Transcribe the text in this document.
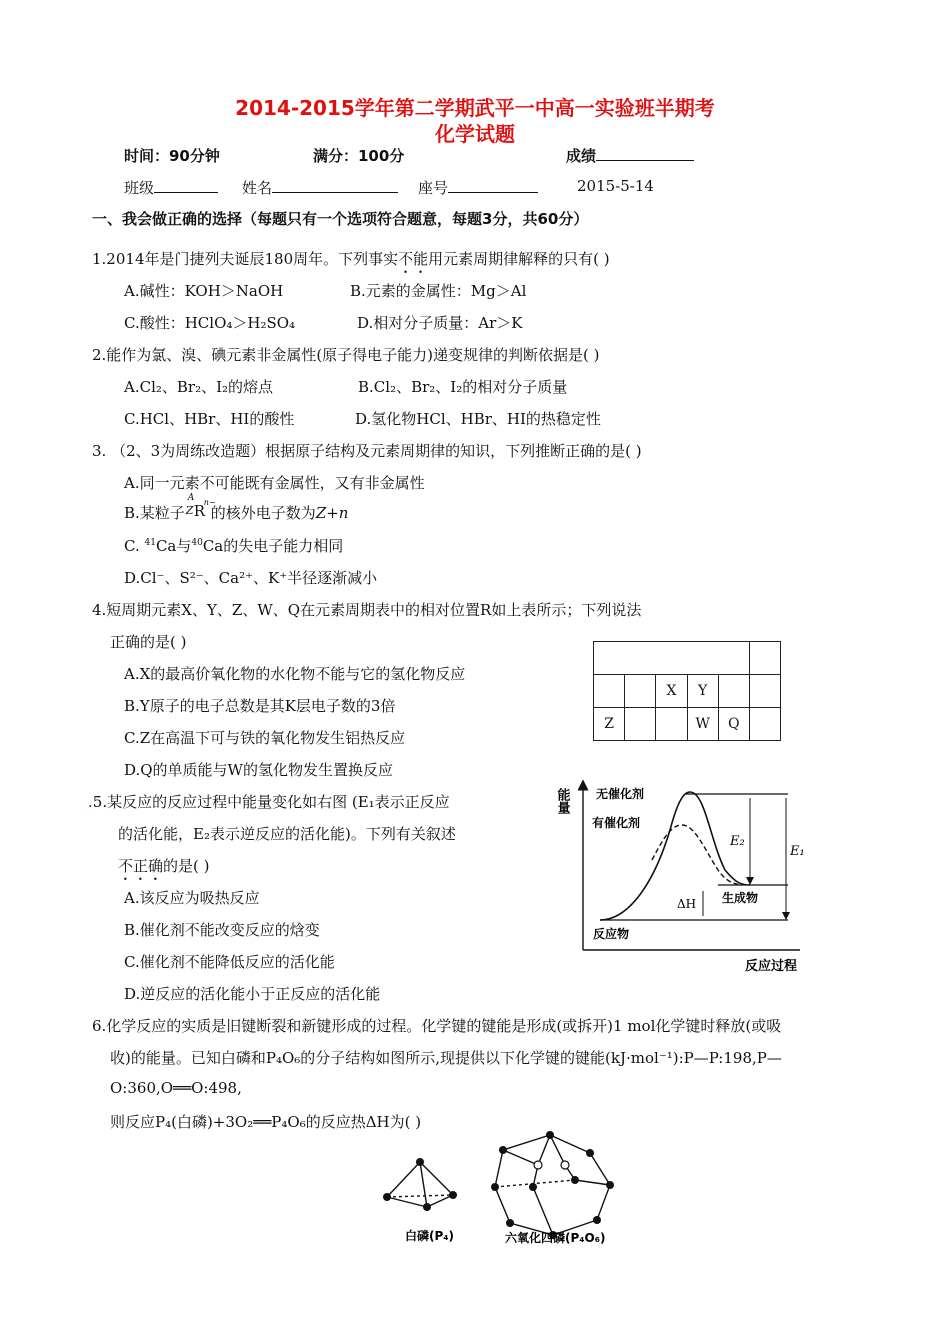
2014-2015学年第二学期武平一中高一实验班半期考
化学试题
时间：90分钟	满分：100分	成绩
班级	姓名	座号	2015-5-14
一、我会做正确的选择（每题只有一个选项符合题意，每题3分，共60分）
1.2014年是门捷列夫诞辰180周年。下列事实不能用元素周期律解释的只有( )
A.碱性：KOH＞NaOH	B.元素的金属性：Mg＞Al
C.酸性：HClO₄＞H₂SO₄	D.相对分子质量：Ar＞K
2.能作为氯、溴、碘元素非金属性(原子得电子能力)递变规律的判断依据是( )
A.Cl₂、Br₂、I₂的熔点	B.Cl₂、Br₂、I₂的相对分子质量
C.HCl、HBr、HI的酸性	D.氢化物HCl、HBr、HI的热稳定性
3. （2、3为周练改造题）根据原子结构及元素周期律的知识，下列推断正确的是( )
A.同一元素不可能既有金属性，又有非金属性
B.某粒子
A
Z R
n−
的核外电子数为Z+n
C. $^{41}$Ca与$^{40}$Ca的失电子能力相同
D.Cl⁻、S²⁻、Ca²⁺、K⁺半径逐渐减小
4.短周期元素X、Y、Z、W、Q在元素周期表中的相对位置R如上表所示；下列说法
正确的是( )
A.X的最高价氧化物的水化物不能与它的氢化物反应
B.Y原子的电子总数是其K层电子数的3倍
C.Z在高温下可与铁的氧化物发生铝热反应
D.Q的单质能与W的氢化物发生置换反应

		X	Y		
Z			W	Q	
.5.某反应的反应过程中能量变化如右图 (E₁表示正反应
的活化能，E₂表示逆反应的活化能)。下列有关叙述
不正确的是( )
A.该反应为吸热反应
B.催化剂不能改变反应的焓变
C.催化剂不能降低反应的活化能
D.逆反应的活化能小于正反应的活化能
能量
反应过程
无催化剂
有催化剂
E₂
E₁
ΔH 生成物
反应物
6.化学反应的实质是旧键断裂和新键形成的过程。化学键的键能是形成(或拆开)1 mol化学键时释放(或吸
收)的能量。已知白磷和P₄O₆的分子结构如图所示,现提供以下化学键的键能(kJ·mol⁻¹):P—P:198,P—
O:360,O══O:498,
则反应P₄(白磷)+3O₂══P₄O₆的反应热ΔH为( )
白磷(P₄)	六氧化四磷(P₄O₆)
